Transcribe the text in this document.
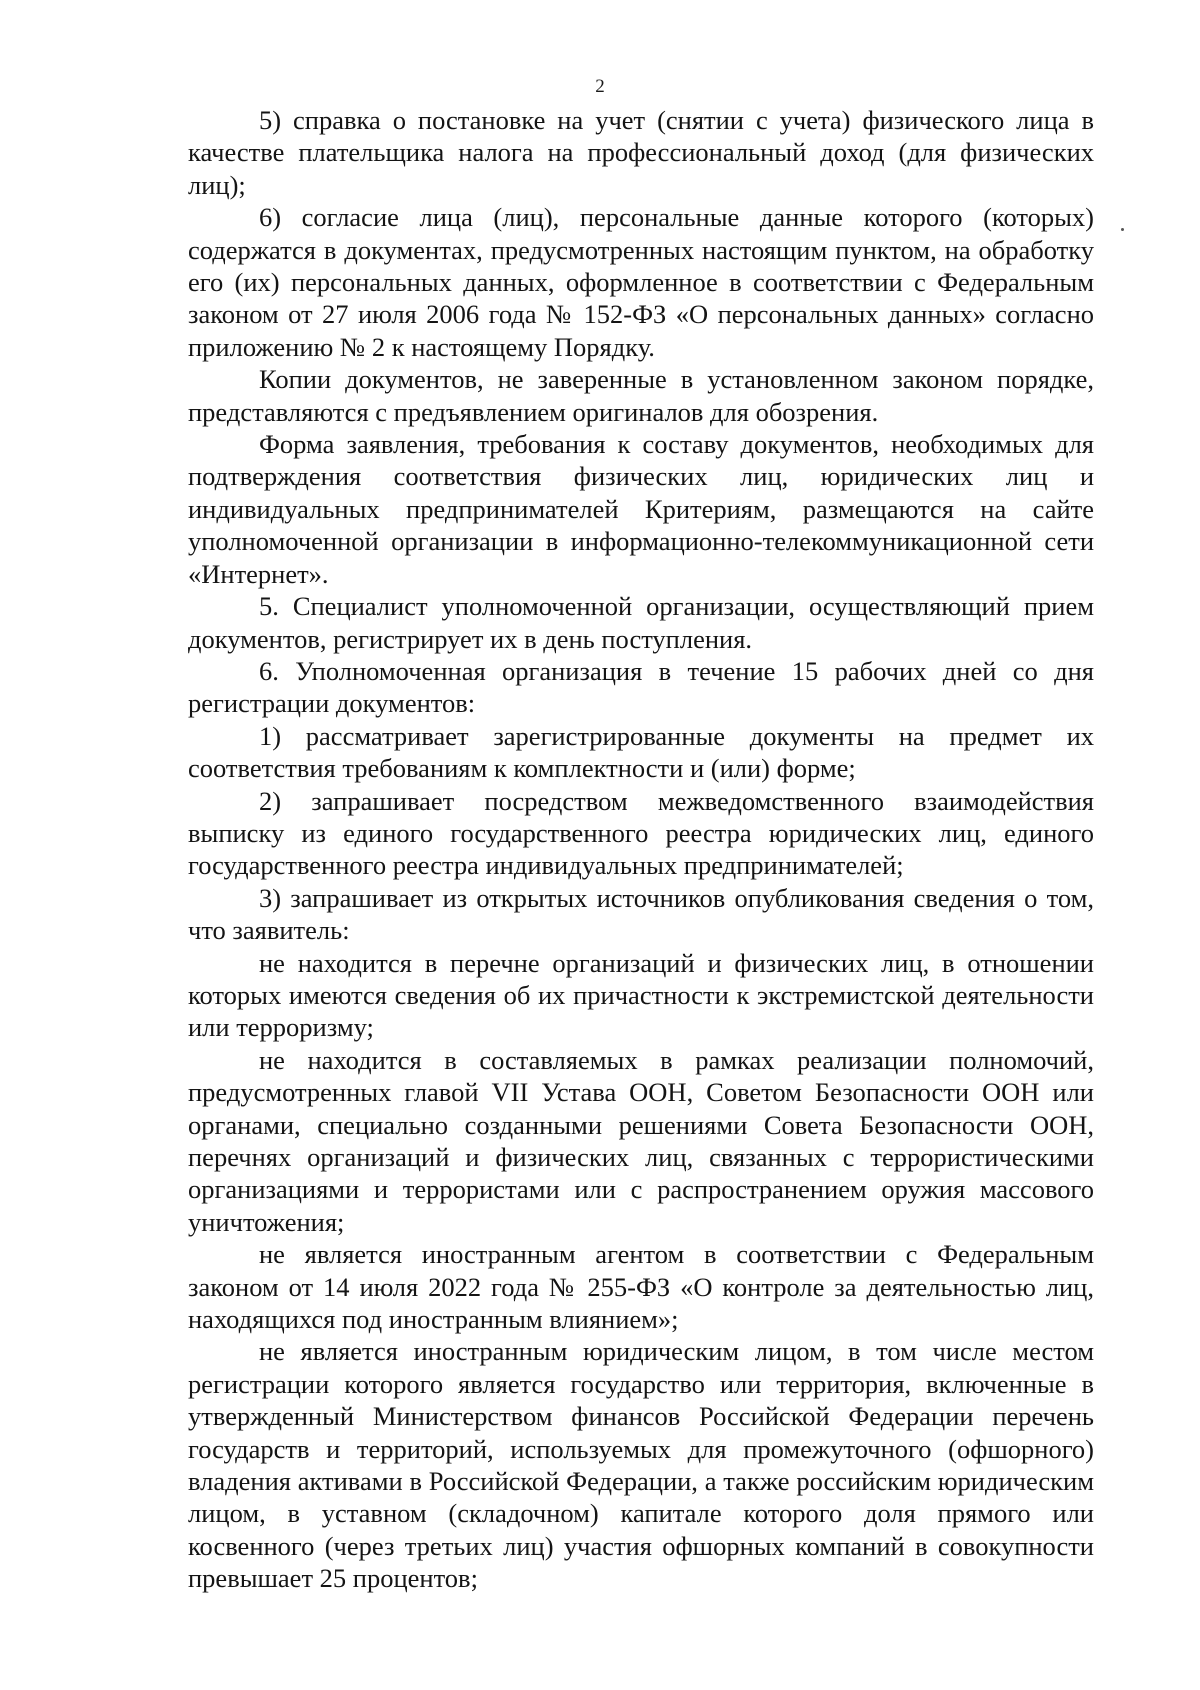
2

5) справка о постановке на учет (снятии с учета) физического лица в качестве плательщика налога на профессиональный доход (для физических лиц);

6) согласие лица (лиц), персональные данные которого (которых) содержатся в документах, предусмотренных настоящим пунктом, на обработку его (их) персональных данных, оформленное в соответствии с Федеральным законом от 27 июля 2006 года № 152-ФЗ «О персональных данных» согласно приложению № 2 к настоящему Порядку.

Копии документов, не заверенные в установленном законом порядке, представляются с предъявлением оригиналов для обозрения.

Форма заявления, требования к составу документов, необходимых для подтверждения соответствия физических лиц, юридических лиц и индивидуальных предпринимателей Критериям, размещаются на сайте уполномоченной организации в информационно-телекоммуникационной сети «Интернет».

5. Специалист уполномоченной организации, осуществляющий прием документов, регистрирует их в день поступления.

6. Уполномоченная организация в течение 15 рабочих дней со дня регистрации документов:

1) рассматривает зарегистрированные документы на предмет их соответствия требованиям к комплектности и (или) форме;

2) запрашивает посредством межведомственного взаимодействия выписку из единого государственного реестра юридических лиц, единого государственного реестра индивидуальных предпринимателей;

3) запрашивает из открытых источников опубликования сведения о том, что заявитель:

не находится в перечне организаций и физических лиц, в отношении которых имеются сведения об их причастности к экстремистской деятельности или терроризму;

не находится в составляемых в рамках реализации полномочий, предусмотренных главой VII Устава ООН, Советом Безопасности ООН или органами, специально созданными решениями Совета Безопасности ООН, перечнях организаций и физических лиц, связанных с террористическими организациями и террористами или с распространением оружия массового уничтожения;

не является иностранным агентом в соответствии с Федеральным законом от 14 июля 2022 года № 255-ФЗ «О контроле за деятельностью лиц, находящихся под иностранным влиянием»;

не является иностранным юридическим лицом, в том числе местом регистрации которого является государство или территория, включенные в утвержденный Министерством финансов Российской Федерации перечень государств и территорий, используемых для промежуточного (офшорного) владения активами в Российской Федерации, а также российским юридическим лицом, в уставном (складочном) капитале которого доля прямого или косвенного (через третьих лиц) участия офшорных компаний в совокупности превышает 25 процентов;
